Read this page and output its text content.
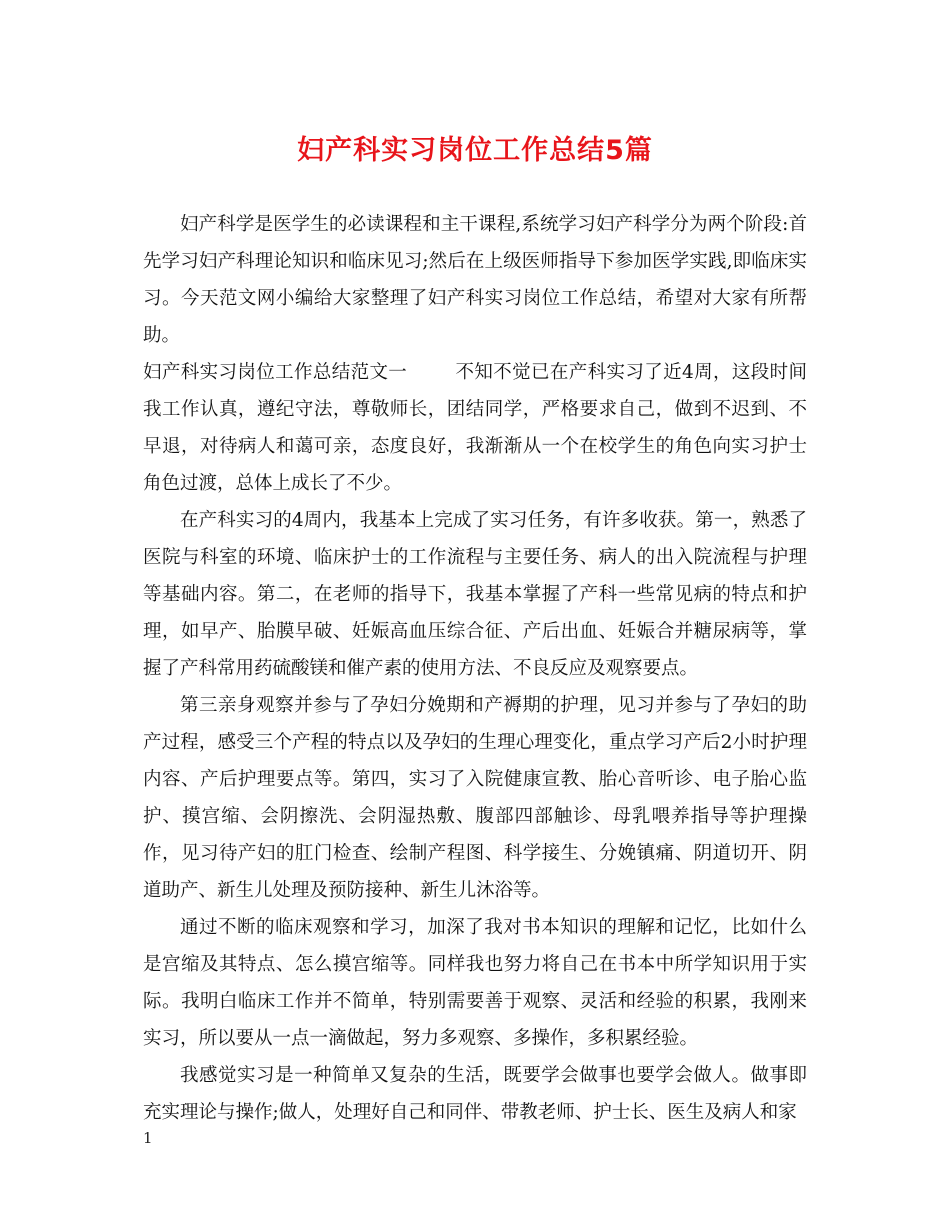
妇产科实习岗位工作总结5篇

妇产科学是医学生的必读课程和主干课程,系统学习妇产科学分为两个阶段:首先学习妇产科理论知识和临床见习;然后在上级医师指导下参加医学实践,即临床实习。今天范文网小编给大家整理了妇产科实习岗位工作总结，希望对大家有所帮助。

妇产科实习岗位工作总结范文一	不知不觉已在产科实习了近4周，这段时间我工作认真，遵纪守法，尊敬师长，团结同学，严格要求自己，做到不迟到、不早退，对待病人和蔼可亲，态度良好，我渐渐从一个在校学生的角色向实习护士角色过渡，总体上成长了不少。

在产科实习的4周内，我基本上完成了实习任务，有许多收获。第一，熟悉了医院与科室的环境、临床护士的工作流程与主要任务、病人的出入院流程与护理等基础内容。第二，在老师的指导下，我基本掌握了产科一些常见病的特点和护理，如早产、胎膜早破、妊娠高血压综合征、产后出血、妊娠合并糖尿病等，掌握了产科常用药硫酸镁和催产素的使用方法、不良反应及观察要点。

第三亲身观察并参与了孕妇分娩期和产褥期的护理，见习并参与了孕妇的助产过程，感受三个产程的特点以及孕妇的生理心理变化，重点学习产后2小时护理内容、产后护理要点等。第四，实习了入院健康宣教、胎心音听诊、电子胎心监护、摸宫缩、会阴擦洗、会阴湿热敷、腹部四部触诊、母乳喂养指导等护理操作，见习待产妇的肛门检查、绘制产程图、科学接生、分娩镇痛、阴道切开、阴道助产、新生儿处理及预防接种、新生儿沐浴等。

通过不断的临床观察和学习，加深了我对书本知识的理解和记忆，比如什么是宫缩及其特点、怎么摸宫缩等。同样我也努力将自己在书本中所学知识用于实际。我明白临床工作并不简单，特别需要善于观察、灵活和经验的积累，我刚来实习，所以要从一点一滴做起，努力多观察、多操作，多积累经验。

我感觉实习是一种简单又复杂的生活，既要学会做事也要学会做人。做事即充实理论与操作;做人，处理好自己和同伴、带教老师、护士长、医生及病人和家

1
